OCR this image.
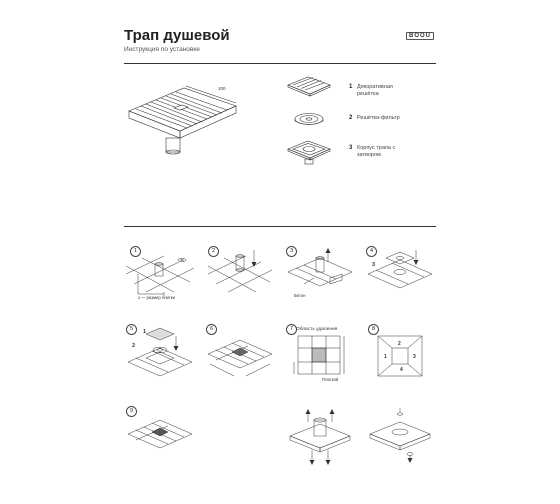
Трап душевой
Инструкция по установке
BOOU
100	1 Декоративная
решётка
2 Решётка-фильтр
3 Корпус трапа с
затвором
1
х — размер плитки
2	3
Бетон
4
3
5	1
2
6	7 Область удаления
Плиткой
8
2
1	3
4
9
